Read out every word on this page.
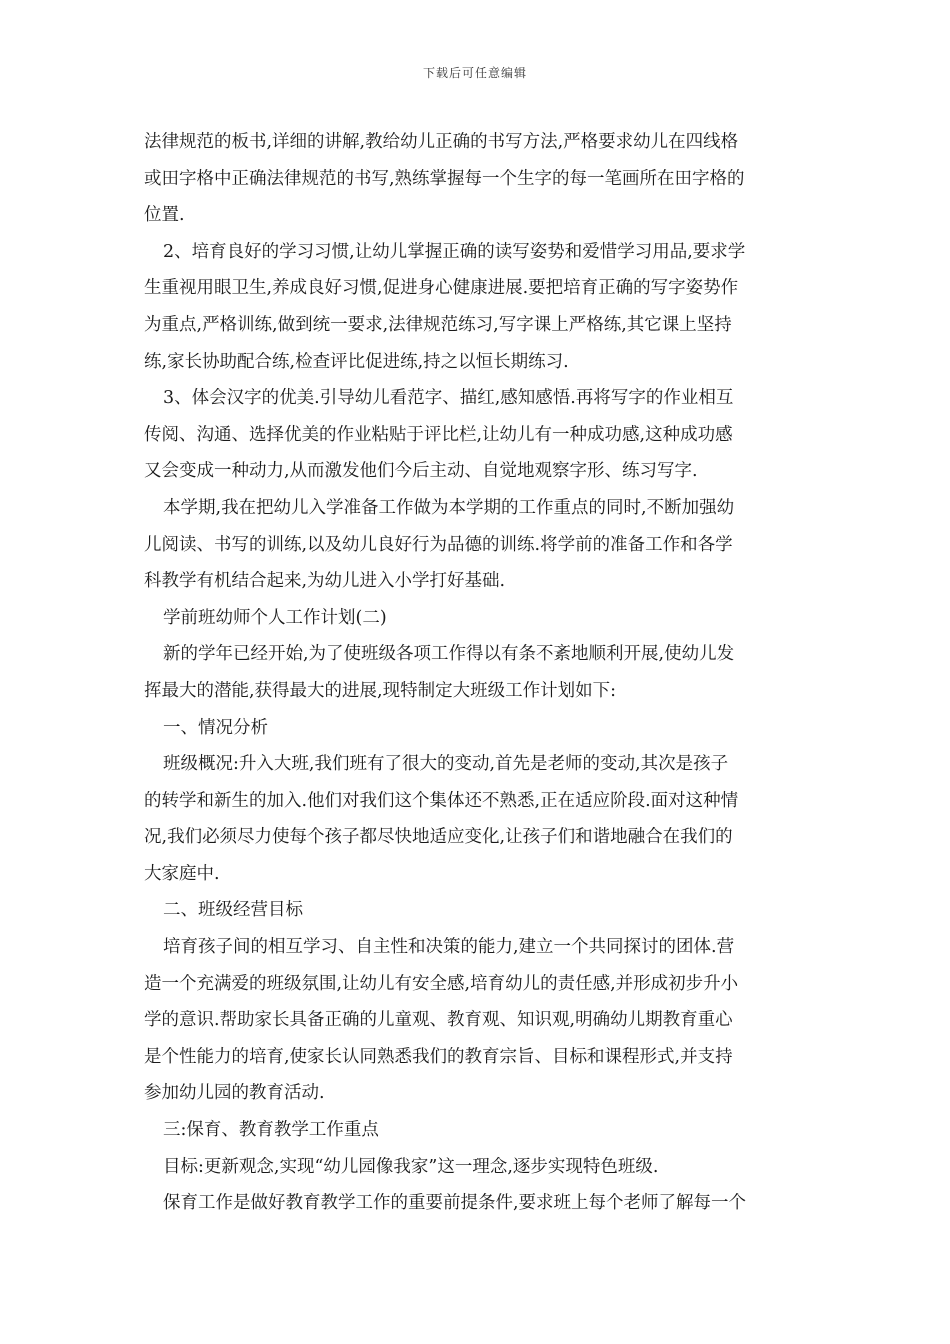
下载后可任意编辑
法律规范的板书,详细的讲解,教给幼儿正确的书写方法,严格要求幼儿在四线格
或田字格中正确法律规范的书写,熟练掌握每一个生字的每一笔画所在田字格的
位置.
2、培育良好的学习习惯,让幼儿掌握正确的读写姿势和爱惜学习用品,要求学
生重视用眼卫生,养成良好习惯,促进身心健康进展.要把培育正确的写字姿势作
为重点,严格训练,做到统一要求,法律规范练习,写字课上严格练,其它课上坚持
练,家长协助配合练,检查评比促进练,持之以恒长期练习.
3、体会汉字的优美.引导幼儿看范字、描红,感知感悟.再将写字的作业相互
传阅、沟通、选择优美的作业粘贴于评比栏,让幼儿有一种成功感,这种成功感
又会变成一种动力,从而激发他们今后主动、自觉地观察字形、练习写字.
本学期,我在把幼儿入学准备工作做为本学期的工作重点的同时,不断加强幼
儿阅读、书写的训练,以及幼儿良好行为品德的训练.将学前的准备工作和各学
科教学有机结合起来,为幼儿进入小学打好基础.
学前班幼师个人工作计划(二)
新的学年已经开始,为了使班级各项工作得以有条不紊地顺利开展,使幼儿发
挥最大的潜能,获得最大的进展,现特制定大班级工作计划如下:
一、情况分析
班级概况:升入大班,我们班有了很大的变动,首先是老师的变动,其次是孩子
的转学和新生的加入.他们对我们这个集体还不熟悉,正在适应阶段.面对这种情
况,我们必须尽力使每个孩子都尽快地适应变化,让孩子们和谐地融合在我们的
大家庭中.
二、班级经营目标
培育孩子间的相互学习、自主性和决策的能力,建立一个共同探讨的团体.营
造一个充满爱的班级氛围,让幼儿有安全感,培育幼儿的责任感,并形成初步升小
学的意识.帮助家长具备正确的儿童观、教育观、知识观,明确幼儿期教育重心
是个性能力的培育,使家长认同熟悉我们的教育宗旨、目标和课程形式,并支持
参加幼儿园的教育活动.
三:保育、教育教学工作重点
目标:更新观念,实现“幼儿园像我家”这一理念,逐步实现特色班级.
保育工作是做好教育教学工作的重要前提条件,要求班上每个老师了解每一个
